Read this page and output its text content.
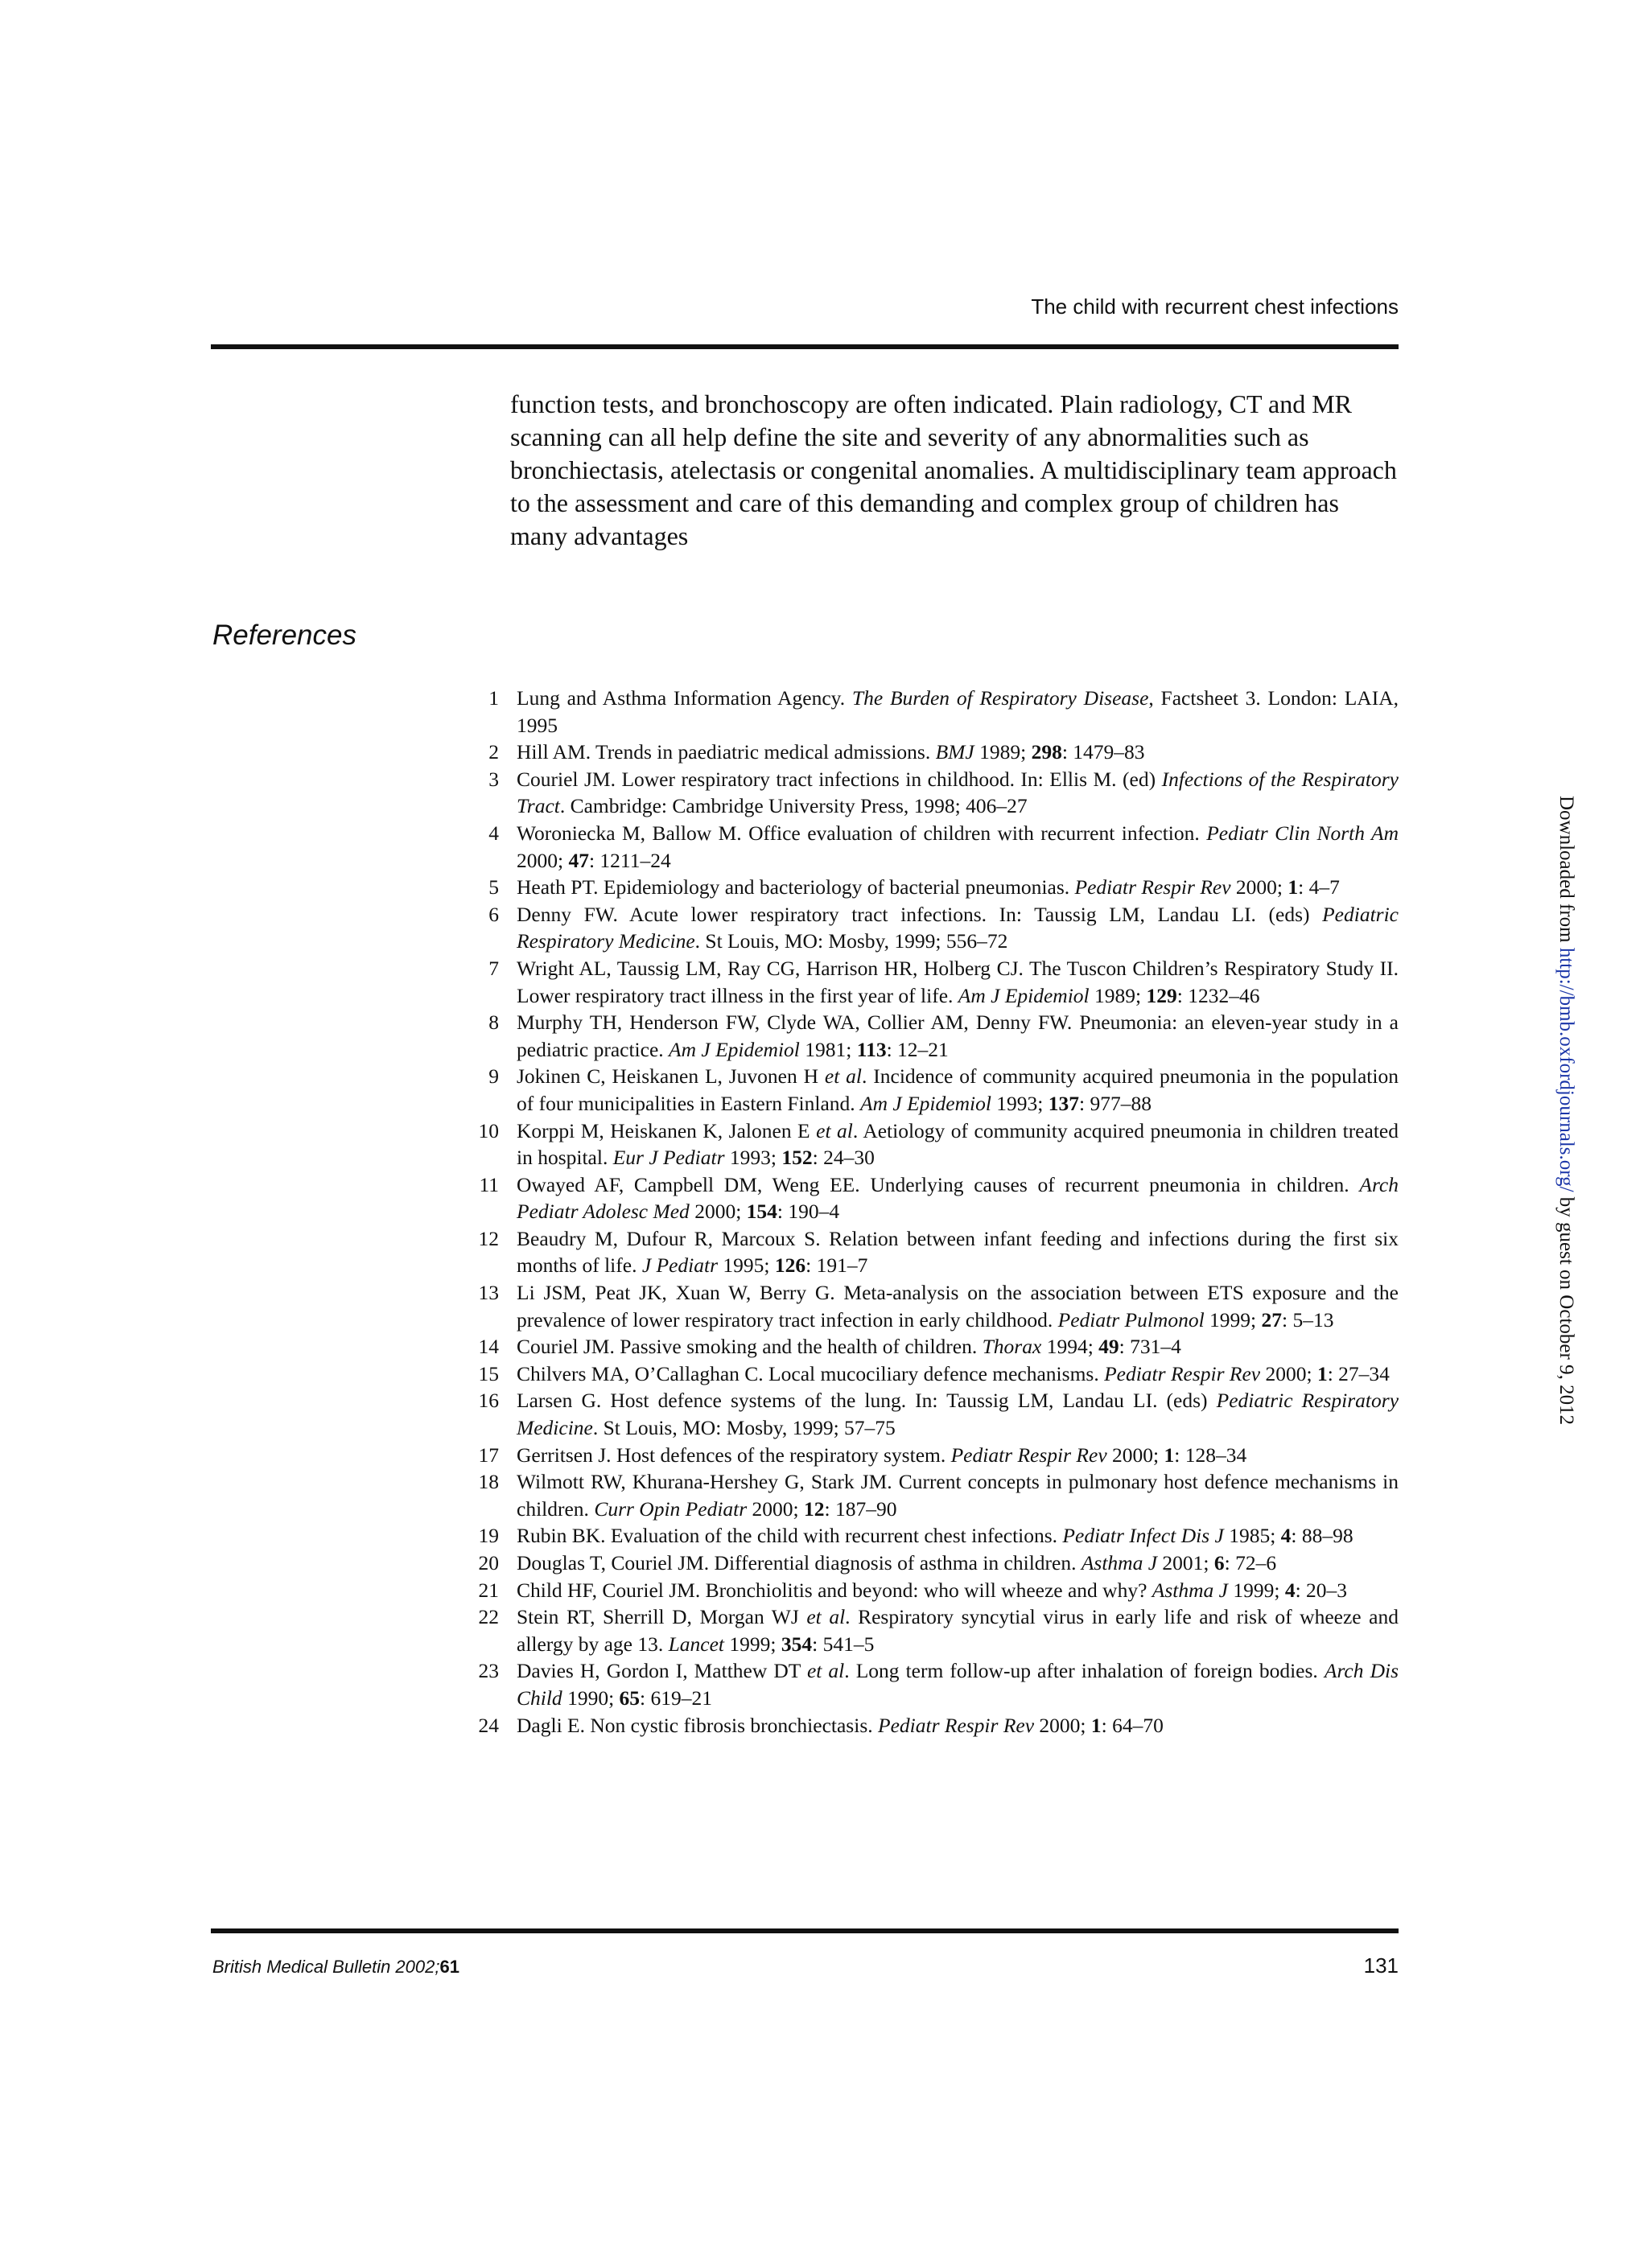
The child with recurrent chest infections
function tests, and bronchoscopy are often indicated. Plain radiology, CT and MR scanning can all help define the site and severity of any abnormalities such as bronchiectasis, atelectasis or congenital anomalies. A multidisciplinary team approach to the assessment and care of this demanding and complex group of children has many advantages
References
1 Lung and Asthma Information Agency. The Burden of Respiratory Disease, Factsheet 3. London: LAIA, 1995
2 Hill AM. Trends in paediatric medical admissions. BMJ 1989; 298: 1479–83
3 Couriel JM. Lower respiratory tract infections in childhood. In: Ellis M. (ed) Infections of the Respiratory Tract. Cambridge: Cambridge University Press, 1998; 406–27
4 Woroniecka M, Ballow M. Office evaluation of children with recurrent infection. Pediatr Clin North Am 2000; 47: 1211–24
5 Heath PT. Epidemiology and bacteriology of bacterial pneumonias. Pediatr Respir Rev 2000; 1: 4–7
6 Denny FW. Acute lower respiratory tract infections. In: Taussig LM, Landau LI. (eds) Pediatric Respiratory Medicine. St Louis, MO: Mosby, 1999; 556–72
7 Wright AL, Taussig LM, Ray CG, Harrison HR, Holberg CJ. The Tuscon Children’s Respiratory Study II. Lower respiratory tract illness in the first year of life. Am J Epidemiol 1989; 129: 1232–46
8 Murphy TH, Henderson FW, Clyde WA, Collier AM, Denny FW. Pneumonia: an eleven-year study in a pediatric practice. Am J Epidemiol 1981; 113: 12–21
9 Jokinen C, Heiskanen L, Juvonen H et al. Incidence of community acquired pneumonia in the population of four municipalities in Eastern Finland. Am J Epidemiol 1993; 137: 977–88
10 Korppi M, Heiskanen K, Jalonen E et al. Aetiology of community acquired pneumonia in children treated in hospital. Eur J Pediatr 1993; 152: 24–30
11 Owayed AF, Campbell DM, Weng EE. Underlying causes of recurrent pneumonia in children. Arch Pediatr Adolesc Med 2000; 154: 190–4
12 Beaudry M, Dufour R, Marcoux S. Relation between infant feeding and infections during the first six months of life. J Pediatr 1995; 126: 191–7
13 Li JSM, Peat JK, Xuan W, Berry G. Meta-analysis on the association between ETS exposure and the prevalence of lower respiratory tract infection in early childhood. Pediatr Pulmonol 1999; 27: 5–13
14 Couriel JM. Passive smoking and the health of children. Thorax 1994; 49: 731–4
15 Chilvers MA, O’Callaghan C. Local mucociliary defence mechanisms. Pediatr Respir Rev 2000; 1: 27–34
16 Larsen G. Host defence systems of the lung. In: Taussig LM, Landau LI. (eds) Pediatric Respiratory Medicine. St Louis, MO: Mosby, 1999; 57–75
17 Gerritsen J. Host defences of the respiratory system. Pediatr Respir Rev 2000; 1: 128–34
18 Wilmott RW, Khurana-Hershey G, Stark JM. Current concepts in pulmonary host defence mechanisms in children. Curr Opin Pediatr 2000; 12: 187–90
19 Rubin BK. Evaluation of the child with recurrent chest infections. Pediatr Infect Dis J 1985; 4: 88–98
20 Douglas T, Couriel JM. Differential diagnosis of asthma in children. Asthma J 2001; 6: 72–6
21 Child HF, Couriel JM. Bronchiolitis and beyond: who will wheeze and why? Asthma J 1999; 4: 20–3
22 Stein RT, Sherrill D, Morgan WJ et al. Respiratory syncytial virus in early life and risk of wheeze and allergy by age 13. Lancet 1999; 354: 541–5
23 Davies H, Gordon I, Matthew DT et al. Long term follow-up after inhalation of foreign bodies. Arch Dis Child 1990; 65: 619–21
24 Dagli E. Non cystic fibrosis bronchiectasis. Pediatr Respir Rev 2000; 1: 64–70
British Medical Bulletin 2002;61	131
Downloaded from http://bmb.oxfordjournals.org/ by guest on October 9, 2012
